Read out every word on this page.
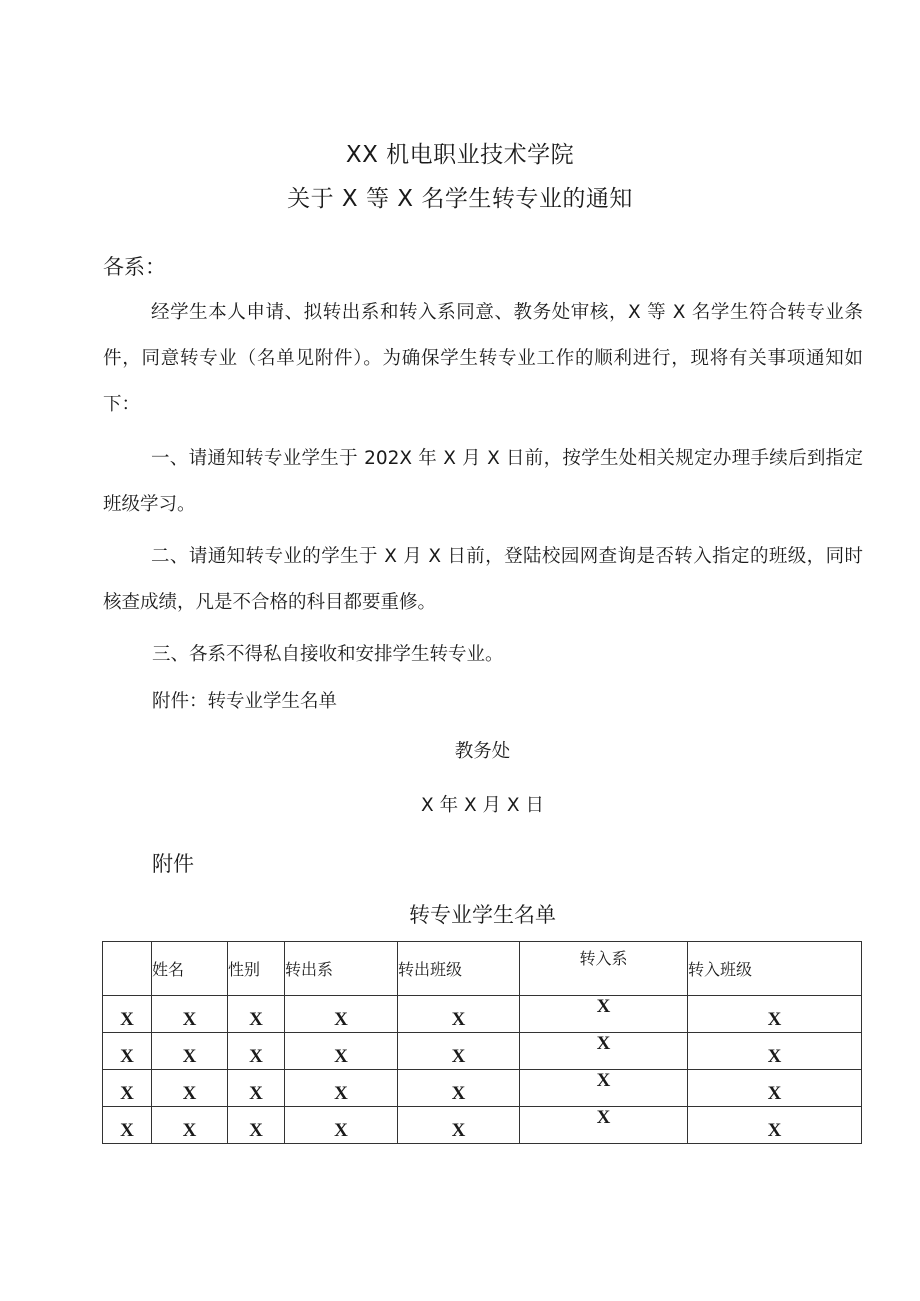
XX 机电职业技术学院
关于 X 等 X 名学生转专业的通知
各系：

经学生本人申请、拟转出系和转入系同意、教务处审核，X 等 X 名学生符合转专业条件，同意转专业（名单见附件）。为确保学生转专业工作的顺利进行，现将有关事项通知如下：

一、请通知转专业学生于 202X 年 X 月 X 日前，按学生处相关规定办理手续后到指定班级学习。

二、请通知转专业的学生于 X 月 X 日前，登陆校园网查询是否转入指定的班级，同时核查成绩，凡是不合格的科目都要重修。

三、各系不得私自接收和安排学生转专业。
附件：转专业学生名单
教务处
X 年 X 月 X 日
附件
转专业学生名单
	姓名	性别	转出系	转出班级	转入系	转入班级
X	X	X	X	X	X	X
X	X	X	X	X	X	X
X	X	X	X	X	X	X
X	X	X	X	X	X	X
